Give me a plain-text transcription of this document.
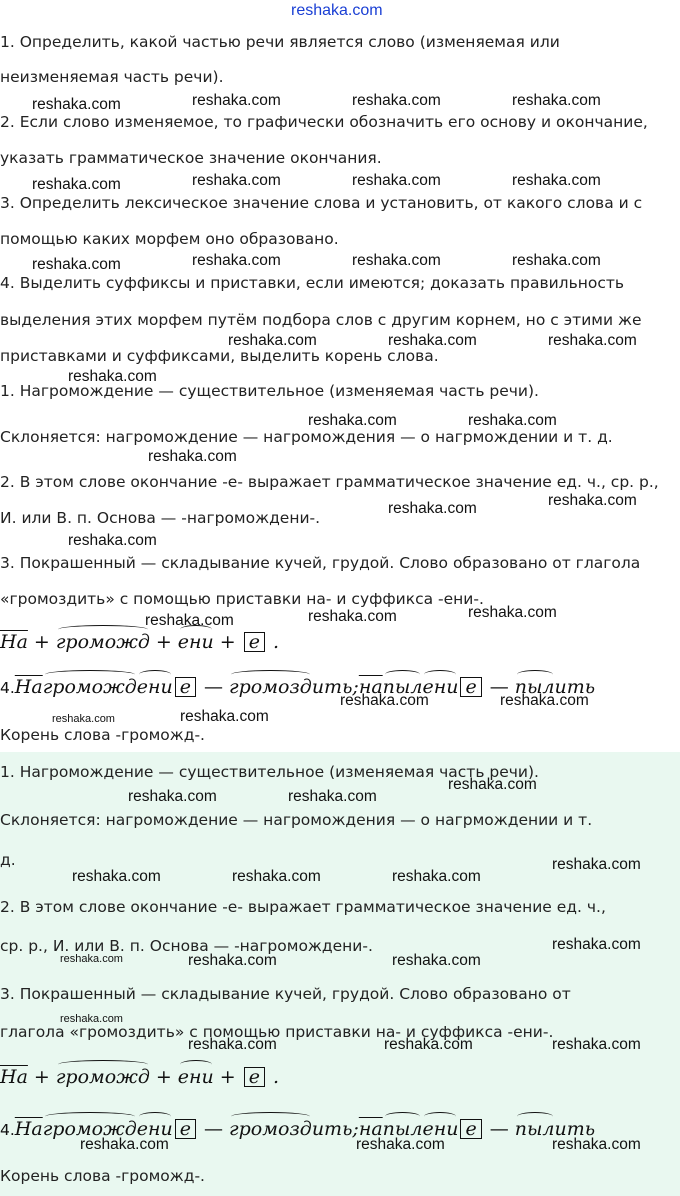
reshaka.com
1. Определить, какой частью речи является слово (изменяемая или
неизменяемая часть речи).
2. Если слово изменяемое, то графически обозначить его основу и окончание,
указать грамматическое значение окончания.
3. Определить лексическое значение слова и установить, от какого слова и с
помощью каких морфем оно образовано.
4. Выделить суффиксы и приставки, если имеются; доказать правильность
выделения этих морфем путём подбора слов с другим корнем, но с этими же
приставками и суффиксами, выделить корень слова.
1. Нагромождение — существительное (изменяемая часть речи).
Склоняется: нагромождение — нагромождения — о нагрмождении и т. д.
2. В этом слове окончание -е- выражает грамматическое значение ед. ч., ср. р.,
И. или В. п. Основа — -нагромождени-.
3. Покрашенный — складывание кучей, грудой. Слово образовано от глагола
«громоздить» с помощью приставки на- и суффикса -ени-.
На + громожд + ени + е .
4.Нагромождени е — громоздить;напылени е — пылить
Корень слова -громожд-.
1. Нагромождение — существительное (изменяемая часть речи).
Склоняется: нагромождение — нагромождения — о нагрмождении и т.
д.
2. В этом слове окончание -е- выражает грамматическое значение ед. ч.,
ср. р., И. или В. п. Основа — -нагромождени-.
3. Покрашенный — складывание кучей, грудой. Слово образовано от
глагола «громоздить» с помощью приставки на- и суффикса -ени-.
На + громожд + ени + е .
4.Нагромождени е — громоздить;напылени е — пылить
Корень слова -громожд-.
reshaka.com	reshaka.com	reshaka.com	reshaka.com
reshaka.com	reshaka.com	reshaka.com	reshaka.com
reshaka.com	reshaka.com	reshaka.com	reshaka.com
reshaka.com	reshaka.com	reshaka.com
reshaka.com
reshaka.com	reshaka.com
reshaka.com
reshaka.com
reshaka.com
reshaka.com
reshaka.com
reshaka.com
reshaka.com
reshaka.com	reshaka.com
reshaka.com	reshaka.com
reshaka.com
reshaka.com	reshaka.com
reshaka.com
reshaka.com	reshaka.com	reshaka.com
reshaka.com
reshaka.com	reshaka.com	reshaka.com
reshaka.com
reshaka.com	reshaka.com	reshaka.com
reshaka.com	reshaka.com	reshaka.com
